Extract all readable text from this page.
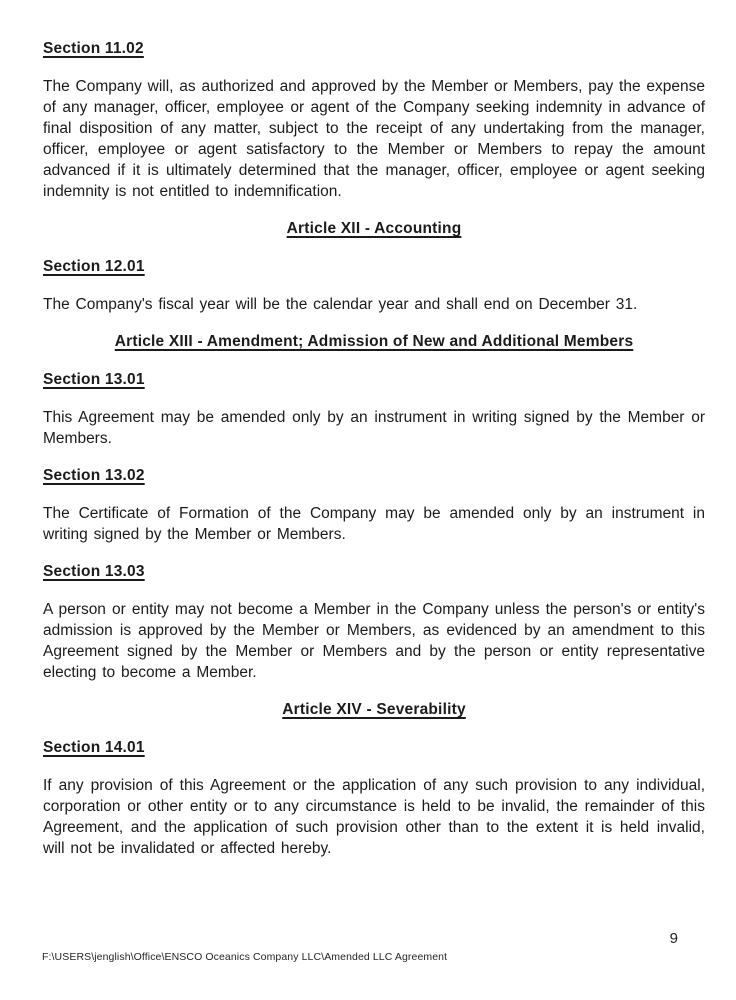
Section 11.02
The Company will, as authorized and approved by the Member or Members, pay the expense of any manager, officer, employee or agent of the Company seeking indemnity in advance of final disposition of any matter, subject to the receipt of any undertaking from the manager, officer, employee or agent satisfactory to the Member or Members to repay the amount advanced if it is ultimately determined that the manager, officer, employee or agent seeking indemnity is not entitled to indemnification.
Article XII - Accounting
Section 12.01
The Company's fiscal year will be the calendar year and shall end on December 31.
Article XIII - Amendment; Admission of New and Additional Members
Section 13.01
This Agreement may be amended only by an instrument in writing signed by the Member or Members.
Section 13.02
The Certificate of Formation of the Company may be amended only by an instrument in writing signed by the Member or Members.
Section 13.03
A person or entity may not become a Member in the Company unless the person's or entity's admission is approved by the Member or Members, as evidenced by an amendment to this Agreement signed by the Member or Members and by the person or entity representative electing to become a Member.
Article XIV - Severability
Section 14.01
If any provision of this Agreement or the application of any such provision to any individual, corporation or other entity or to any circumstance is held to be invalid, the remainder of this Agreement, and the application of such provision other than to the extent it is held invalid, will not be invalidated or affected hereby.
9
F:\USERS\jenglish\Office\ENSCO Oceanics Company LLC\Amended LLC Agreement
